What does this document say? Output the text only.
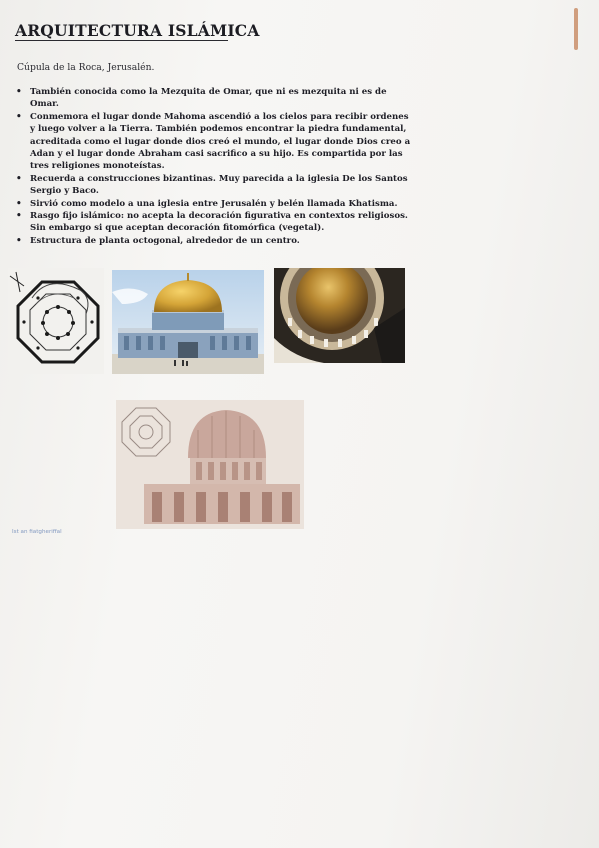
ARQUITECTURA ISLÁMICA
Cúpula de la Roca, Jerusalén.
• También conocida como la Mezquita de Omar, que ni es mezquita ni es de Omar.
• Conmemora el lugar donde Mahoma ascendió a los cielos para recibir ordenes y luego volver a la Tierra. También podemos encontrar la piedra fundamental, acreditada como el lugar donde dios creó el mundo, el lugar donde Dios creo a Adan y el lugar donde Abraham casi sacrifico a su hijo. Es compartida por las tres religiones monoteístas.
• Recuerda a construcciones bizantinas. Muy parecida a la iglesia De los Santos Sergio y Baco.
• Sirvió como modelo a una iglesia entre Jerusalén y belén llamada Khatisma.
• Rasgo fijo islámico: no acepta la decoración figurativa en contextos religiosos. Sin embargo si que aceptan decoración fitomórfica (vegetal).
• Estructura de planta octogonal, alrededor de un centro.
Ist an fiatgheriffal
